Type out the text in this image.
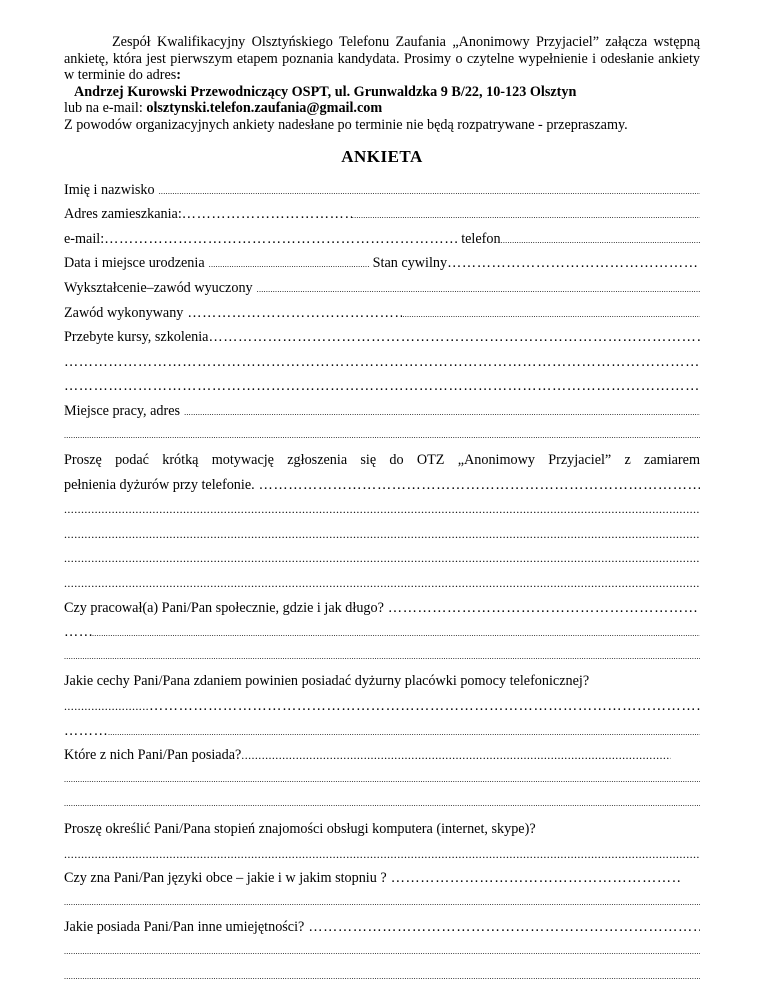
Zespół Kwalifikacyjny Olsztyńskiego Telefonu Zaufania „Anonimowy Przyjaciel” załącza wstępną ankietę, która jest pierwszym etapem poznania kandydata. Prosimy o czytelne wypełnienie i odesłanie ankiety w terminie do adres:
Andrzej Kurowski Przewodniczący OSPT, ul. Grunwaldzka 9 B/22, 10-123 Olsztyn
lub na e-mail: olsztynski.telefon.zaufania@gmail.com
Z powodów organizacyjnych ankiety nadesłane po terminie nie będą rozpatrywane - przepraszamy.
ANKIETA
Imię i nazwisko
.....
Adres zamieszkania:
………………………………………………………………………………………………………………………………………………………………………………………………………………………………………………………………………………
.....
e-mail: ………………………………………………………………………………………………………………………………………………………………………………………………………………………………………………………………………………	telefon
.....
Data i miejsce urodzenia .....	Stan cywilny
………………………………………………………………………………………………………………………………………………………………………………………………………………………………………………………………………………
Wykształcenie–zawód wyuczony
.....
Zawód wykonywany
………………………………………………………………………………………………………………………………………………………………………………………………………………………………………………………………………………
.....
Przebyte kursy, szkolenia
………………………………………………………………………………………………………………………………………………………………………………………………………………………………………………………………………………
………………………………………………………………………………………………………………………………………………………………………………………………………………………………………………………………………………
………………………………………………………………………………………………………………………………………………………………………………………………………………………………………………………………………………
Miejsce pracy, adres
.....
.....
Proszę podać krótką motywację zgłoszenia się do OTZ „Anonimowy Przyjaciel” z zamiarem
pełnienia dyżurów przy telefonie.
………………………………………………………………………………………………………………………………………………………………………………………………………………………………………………………………………………
.....
.....
.....
.....
Czy pracował(a) Pani/Pan społecznie, gdzie i jak długo?
………………………………………………………………………………………………………………………………………………………………………………………………………………………………………………………………………………
………………………………………………………………………………………………………………………………………………………………………………………………………………………………………………………………………………
.....
.....
Jakie cechy Pani/Pana zdaniem powinien posiadać dyżurny placówki pomocy telefonicznej?
.....
………………………………………………………………………………………………………………………………………………………………………………………………………………………………………………………………………………
………………………………………………………………………………………………………………………………………………………………………………………………………………………………………………………………………………
.....
Które z nich Pani/Pan posiada?
.....
.....
.....
Proszę określić Pani/Pana stopień znajomości obsługi komputera (internet, skype)?
.....
Czy zna Pani/Pan języki obce – jakie i w jakim stopniu ?
………………………………………………………………………………………………………………………………………………………………………………………………………………………………………………………………………………
.....
Jakie posiada Pani/Pan inne umiejętności?
………………………………………………………………………………………………………………………………………………………………………………………………………………………………………………………………………………
.....
.....
